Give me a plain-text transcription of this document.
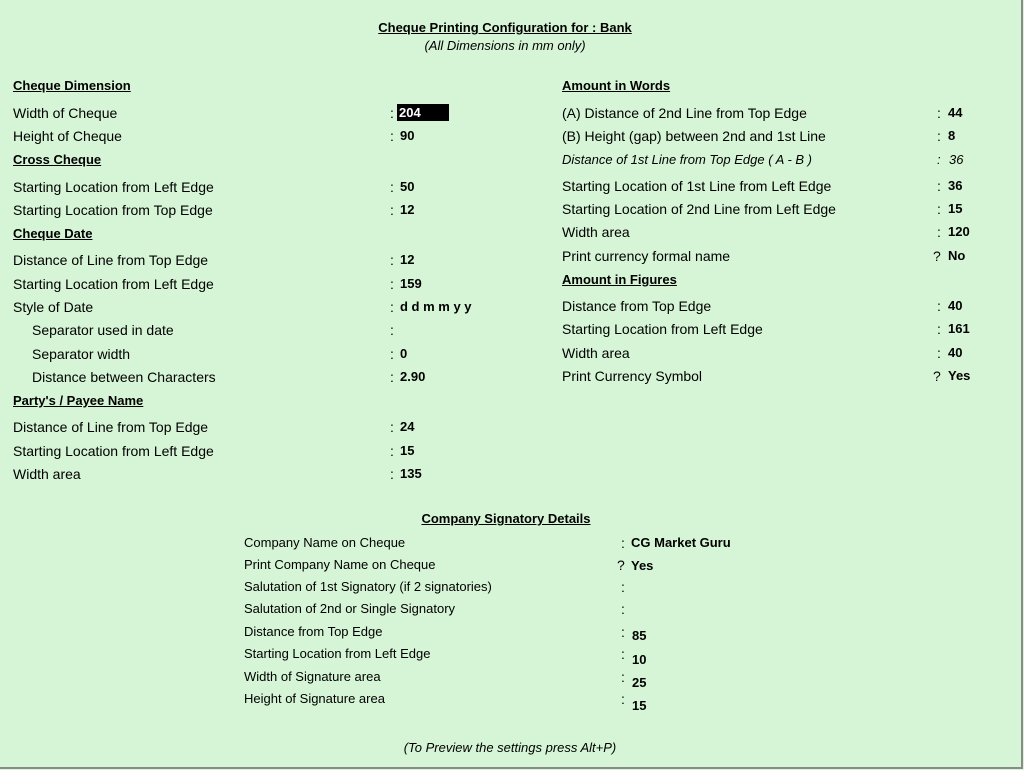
Cheque Printing Configuration for : Bank
(All Dimensions in mm only)
Cheque Dimension
Width of Cheque	: 204
Height of Cheque	: 90
Cross Cheque
Starting Location from Left Edge	: 50
Starting Location from Top Edge	: 12
Cheque Date
Distance of Line from Top Edge	: 12
Starting Location from Left Edge	: 159
Style of Date	: d d m m y y
Separator used in date	:
Separator width	: 0
Distance between Characters	: 2.90
Party's / Payee Name
Distance of Line from Top Edge	: 24
Starting Location from Left Edge	: 15
Width area	: 135
Amount in Words
(A) Distance of 2nd Line from Top Edge	: 44
(B) Height (gap) between 2nd and 1st Line	: 8
Distance of 1st Line from Top Edge ( A - B )	: 36
Starting Location of 1st Line from Left Edge	: 36
Starting Location of 2nd Line from Left Edge	: 15
Width area	: 120
Print currency formal name	? No
Amount in Figures
Distance from Top Edge	: 40
Starting Location from Left Edge	: 161
Width area	: 40
Print Currency Symbol	? Yes
Company Signatory Details
Company Name on Cheque	: CG Market Guru
Print Company Name on Cheque	? Yes
Salutation of 1st Signatory (if 2 signatories)	:
Salutation of 2nd or Single Signatory	:
Distance from Top Edge	: 85
Starting Location from Left Edge	: 10
Width of Signature area	: 25
Height of Signature area	: 15
(To Preview the settings press Alt+P)
